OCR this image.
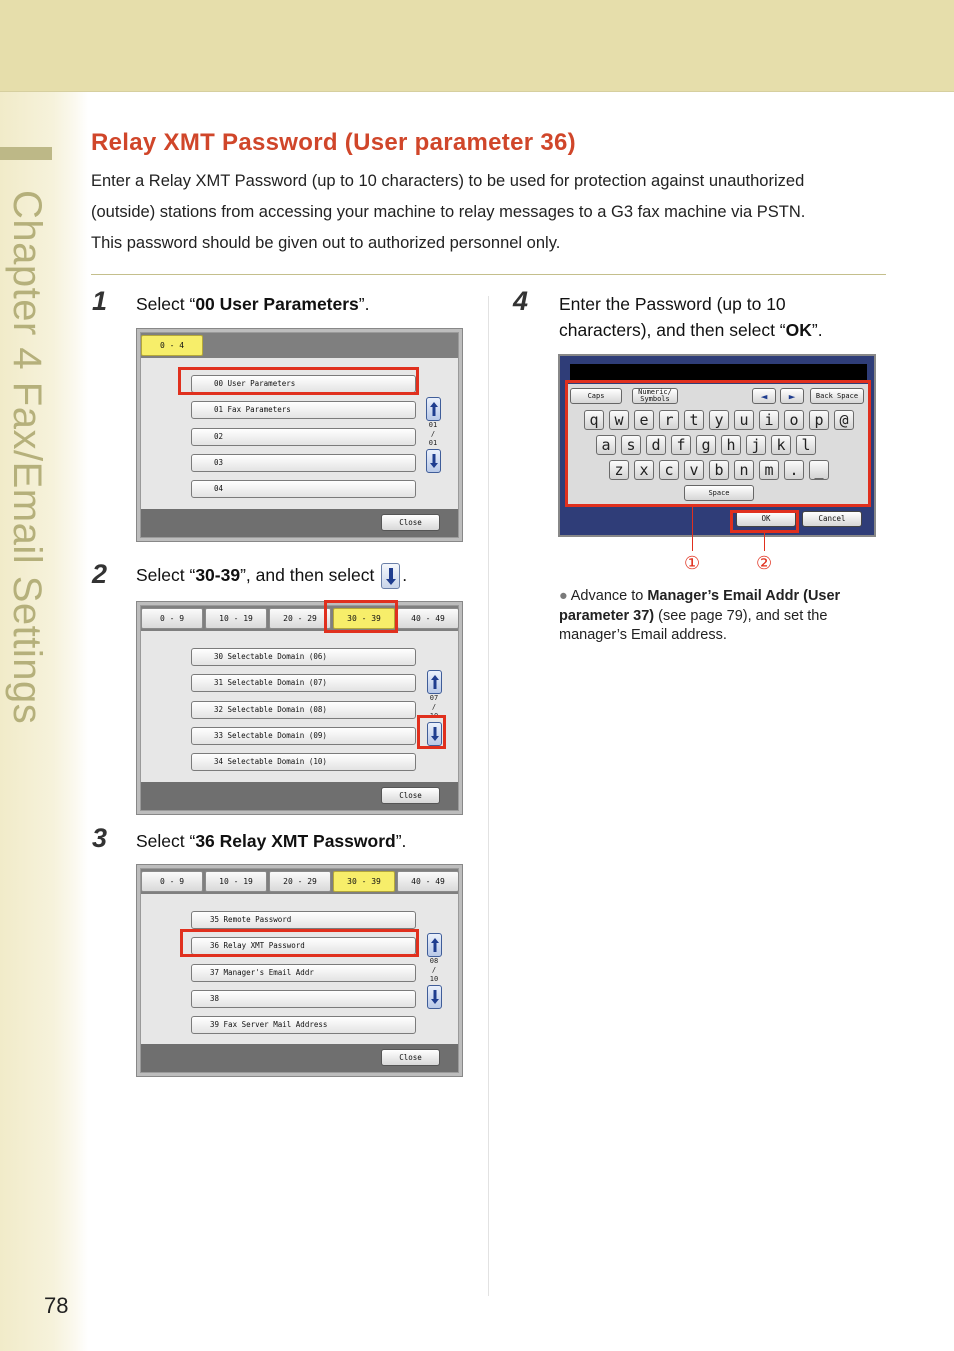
Chapter 4 Fax/Email Settings
78
Relay XMT Password (User parameter 36)
Enter a Relay XMT Password (up to 10 characters) to be used for protection against unauthorized
(outside) stations from accessing your machine to relay messages to a G3 fax machine via PSTN.
This password should be given out to authorized personnel only.
1 Select “00 User Parameters”.
0 - 4
00 User Parameters
01 Fax Parameters
02
03
04
01
/
01
Close
2 Select “30-39”, and then select .
0 - 9	10 - 19	20 - 29	30 - 39	40 - 49
30 Selectable Domain (06)
31 Selectable Domain (07)
32 Selectable Domain (08)
33 Selectable Domain (09)
34 Selectable Domain (10)
07
/
10
Close
3 Select “36 Relay XMT Password”.
0 - 9	10 - 19	20 - 29	30 - 39	40 - 49
35 Remote Password
36 Relay XMT Password
37 Manager's Email Addr
38
39 Fax Server Mail Address
08
/
10
Close
4 Enter the Password (up to 10
characters), and then select “OK”.
Caps	Numeric/ Symbols	◄	►	Back Space
q	w	e	r	t	y	u	i	o	p	@
a	s	d	f	g	h	j	k	l
z	x	c	v	b	n	m	.	_
Space
OK	Cancel
①	②
● Advance to Manager’s Email Addr (User parameter 37) (see page 79), and set the manager’s Email address.
